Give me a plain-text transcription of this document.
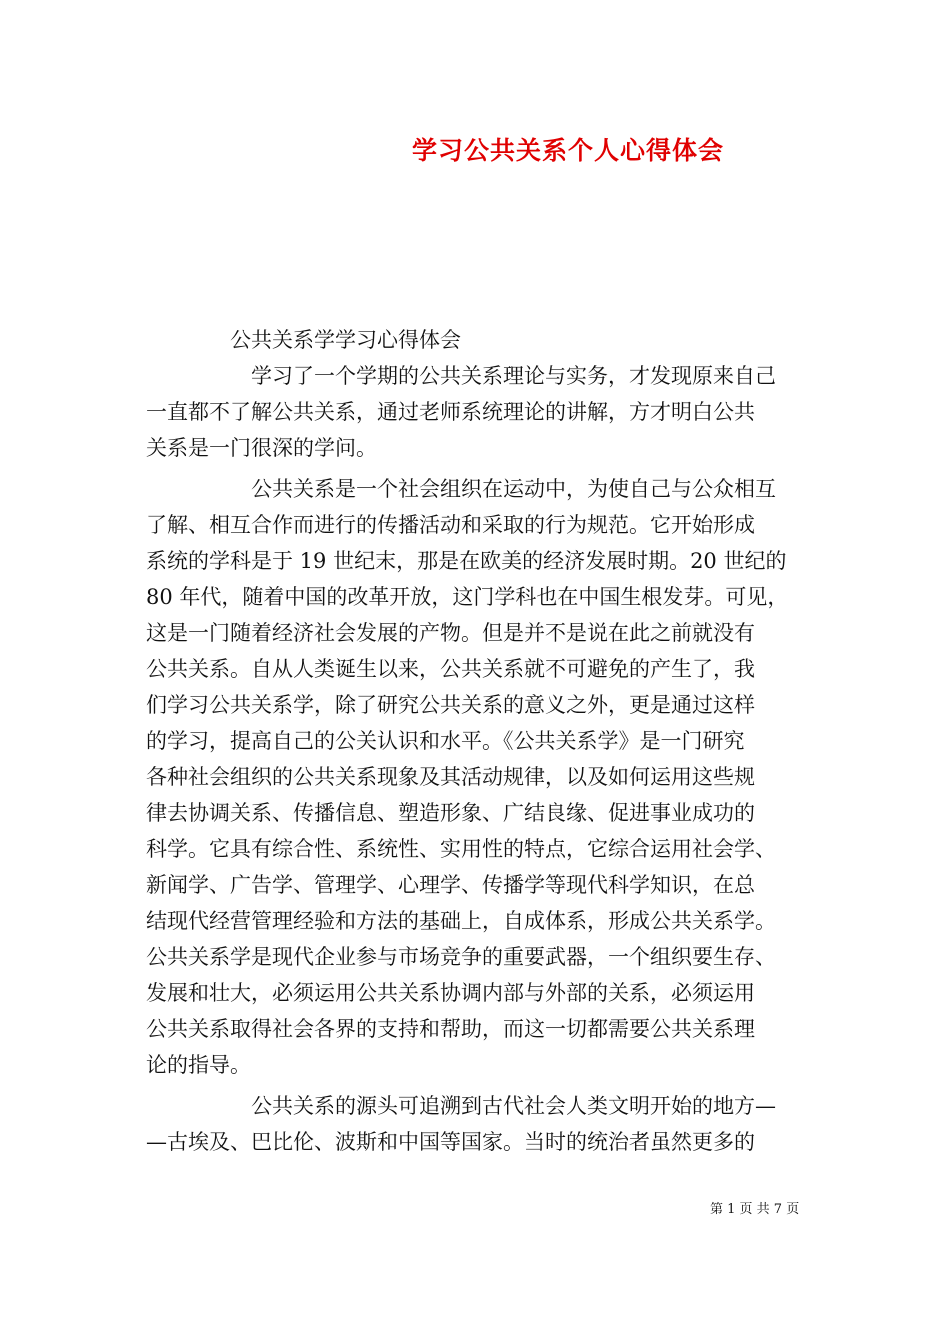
学习公共关系个人心得体会
　　　　公共关系学学习心得体会
　　　　　学习了一个学期的公共关系理论与实务，才发现原来自己
一直都不了解公共关系，通过老师系统理论的讲解，方才明白公共
关系是一门很深的学问。
　　　　　公共关系是一个社会组织在运动中，为使自己与公众相互
了解、相互合作而进行的传播活动和采取的行为规范。它开始形成
系统的学科是于 19 世纪末，那是在欧美的经济发展时期。20 世纪的
80 年代，随着中国的改革开放，这门学科也在中国生根发芽。可见，
这是一门随着经济社会发展的产物。但是并不是说在此之前就没有
公共关系。自从人类诞生以来，公共关系就不可避免的产生了，我
们学习公共关系学，除了研究公共关系的意义之外，更是通过这样
的学习，提高自己的公关认识和水平。《公共关系学》是一门研究
各种社会组织的公共关系现象及其活动规律，以及如何运用这些规
律去协调关系、传播信息、塑造形象、广结良缘、促进事业成功的
科学。它具有综合性、系统性、实用性的特点，它综合运用社会学、
新闻学、广告学、管理学、心理学、传播学等现代科学知识，在总
结现代经营管理经验和方法的基础上，自成体系，形成公共关系学。
公共关系学是现代企业参与市场竞争的重要武器，一个组织要生存、
发展和壮大，必须运用公共关系协调内部与外部的关系，必须运用
公共关系取得社会各界的支持和帮助，而这一切都需要公共关系理
论的指导。
　　　　　公共关系的源头可追溯到古代社会人类文明开始的地方—
—古埃及、巴比伦、波斯和中国等国家。当时的统治者虽然更多的
第 1 页 共 7 页
